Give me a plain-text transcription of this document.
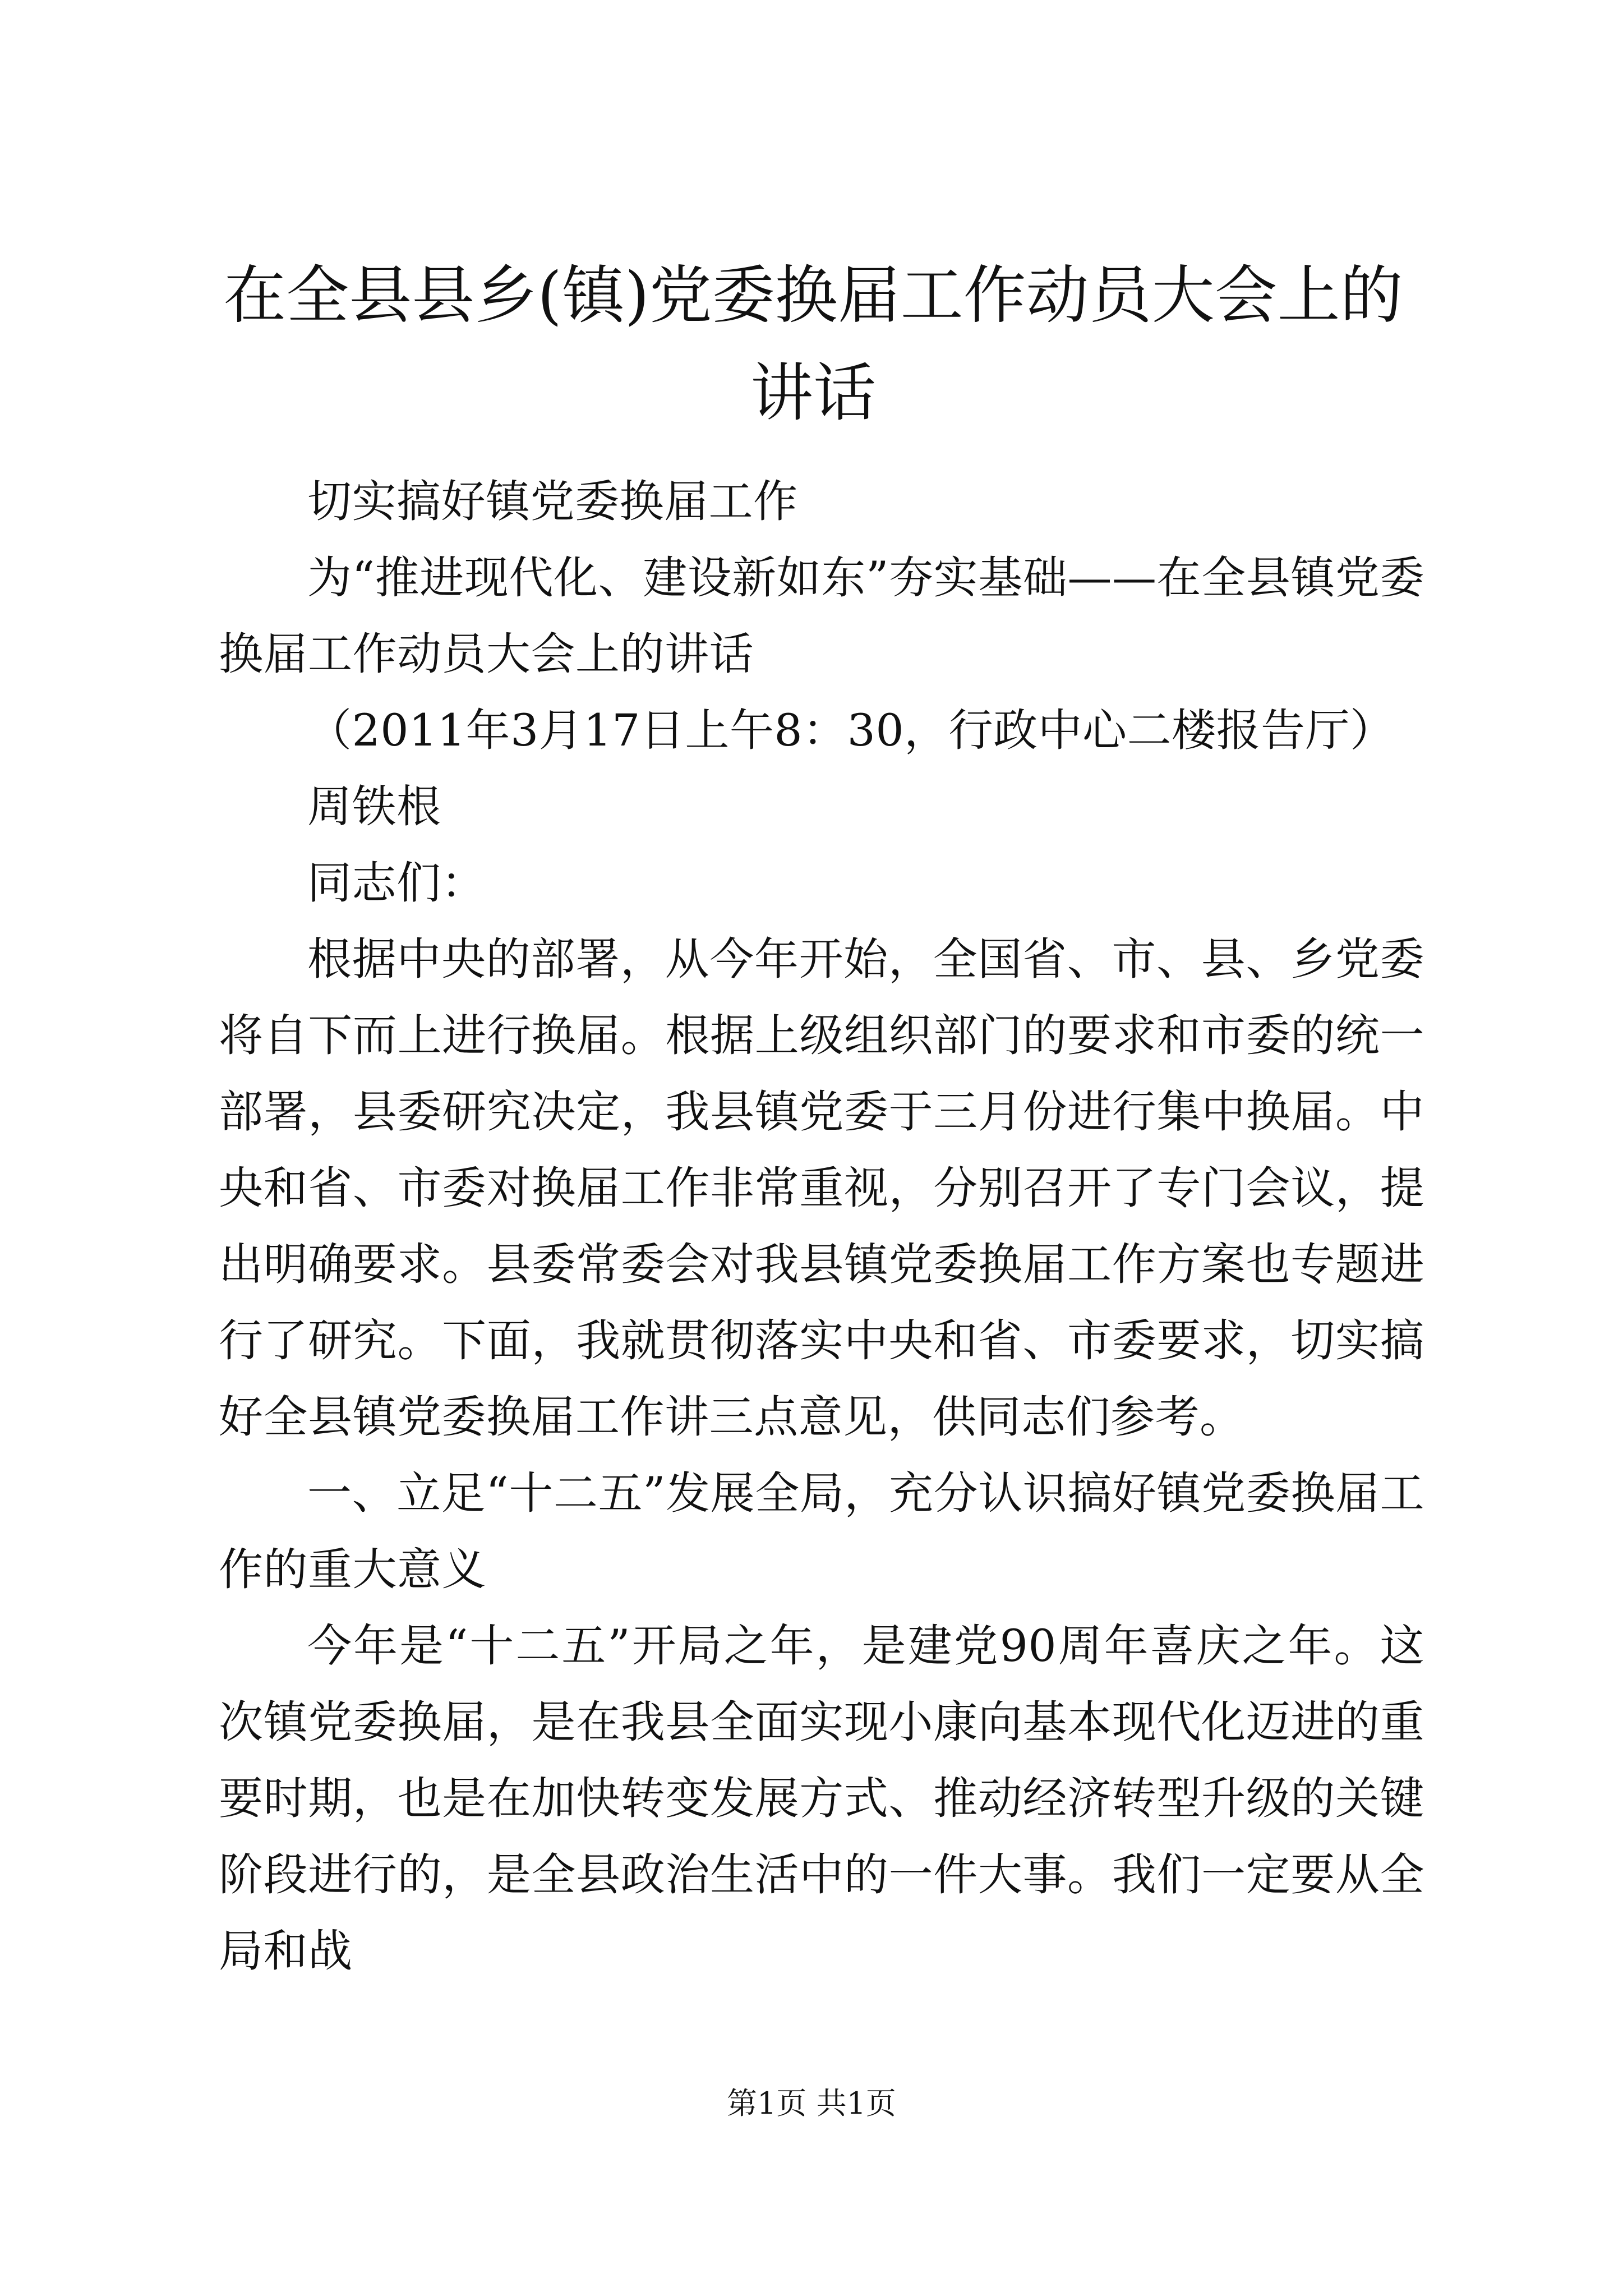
在全县县乡(镇)党委换届工作动员大会上的讲话

切实搞好镇党委换届工作

为“推进现代化、建设新如东”夯实基础——在全县镇党委换届工作动员大会上的讲话

（2011年3月17日上午8：30，行政中心二楼报告厅）

周铁根

同志们：

根据中央的部署，从今年开始，全国省、市、县、乡党委将自下而上进行换届。根据上级组织部门的要求和市委的统一部署，县委研究决定，我县镇党委于三月份进行集中换届。中央和省、市委对换届工作非常重视，分别召开了专门会议，提出明确要求。县委常委会对我县镇党委换届工作方案也专题进行了研究。下面，我就贯彻落实中央和省、市委要求，切实搞好全县镇党委换届工作讲三点意见，供同志们参考。

一、立足“十二五”发展全局，充分认识搞好镇党委换届工作的重大意义

今年是“十二五”开局之年，是建党90周年喜庆之年。这次镇党委换届，是在我县全面实现小康向基本现代化迈进的重要时期，也是在加快转变发展方式、推动经济转型升级的关键阶段进行的，是全县政治生活中的一件大事。我们一定要从全局和战

第1页 共1页
